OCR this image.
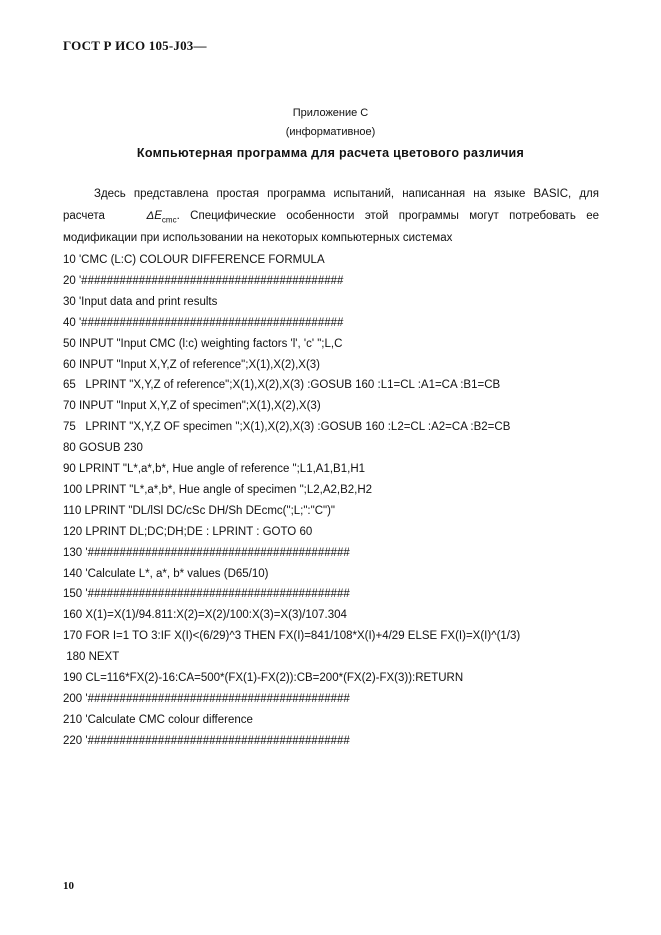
ГОСТ Р ИСО 105-J03—
Приложение С
(информативное)
Компьютерная программа для расчета цветового различия
Здесь представлена простая программа испытаний, написанная на языке BASIC, для
расчета	$\Delta E_{cmc}$. Специфические особенности этой программы могут потребовать ее
модификации при использовании на некоторых компьютерных системах
10 'CMC (L:C) COLOUR DIFFERENCE FORMULA
20 '#########################################
30 'Input data and print results
40 '#########################################
50 INPUT "Input CMC (l:c) weighting factors 'l', 'c' ";L,C
60 INPUT "Input X,Y,Z of reference";X(1),X(2),X(3)
65   LPRINT "X,Y,Z of reference";X(1),X(2),X(3) :GOSUB 160 :L1=CL :A1=CA :B1=CB
70 INPUT "Input X,Y,Z of specimen";X(1),X(2),X(3)
75   LPRINT "X,Y,Z OF specimen ";X(1),X(2),X(3) :GOSUB 160 :L2=CL :A2=CA :B2=CB
80 GOSUB 230
90 LPRINT "L*,a*,b*, Hue angle of reference ";L1,A1,B1,H1
100 LPRINT "L*,a*,b*, Hue angle of specimen ";L2,A2,B2,H2
110 LPRINT "DL/lSl DC/cSc DH/Sh DEcmc(";L;":"C")"
120 LPRINT DL;DC;DH;DE : LPRINT : GOTO 60
130 '#########################################
140 'Calculate L*, a*, b* values (D65/10)
150 '#########################################
160 X(1)=X(1)/94.811:X(2)=X(2)/100:X(3)=X(3)/107.304
170 FOR I=1 TO 3:IF X(I)<(6/29)^3 THEN FX(I)=841/108*X(I)+4/29 ELSE FX(I)=X(I)^(1/3)
180 NEXT
190 CL=116*FX(2)-16:CA=500*(FX(1)-FX(2)):CB=200*(FX(2)-FX(3)):RETURN
200 '#########################################
210 'Calculate CMC colour difference
220 '#########################################
10
